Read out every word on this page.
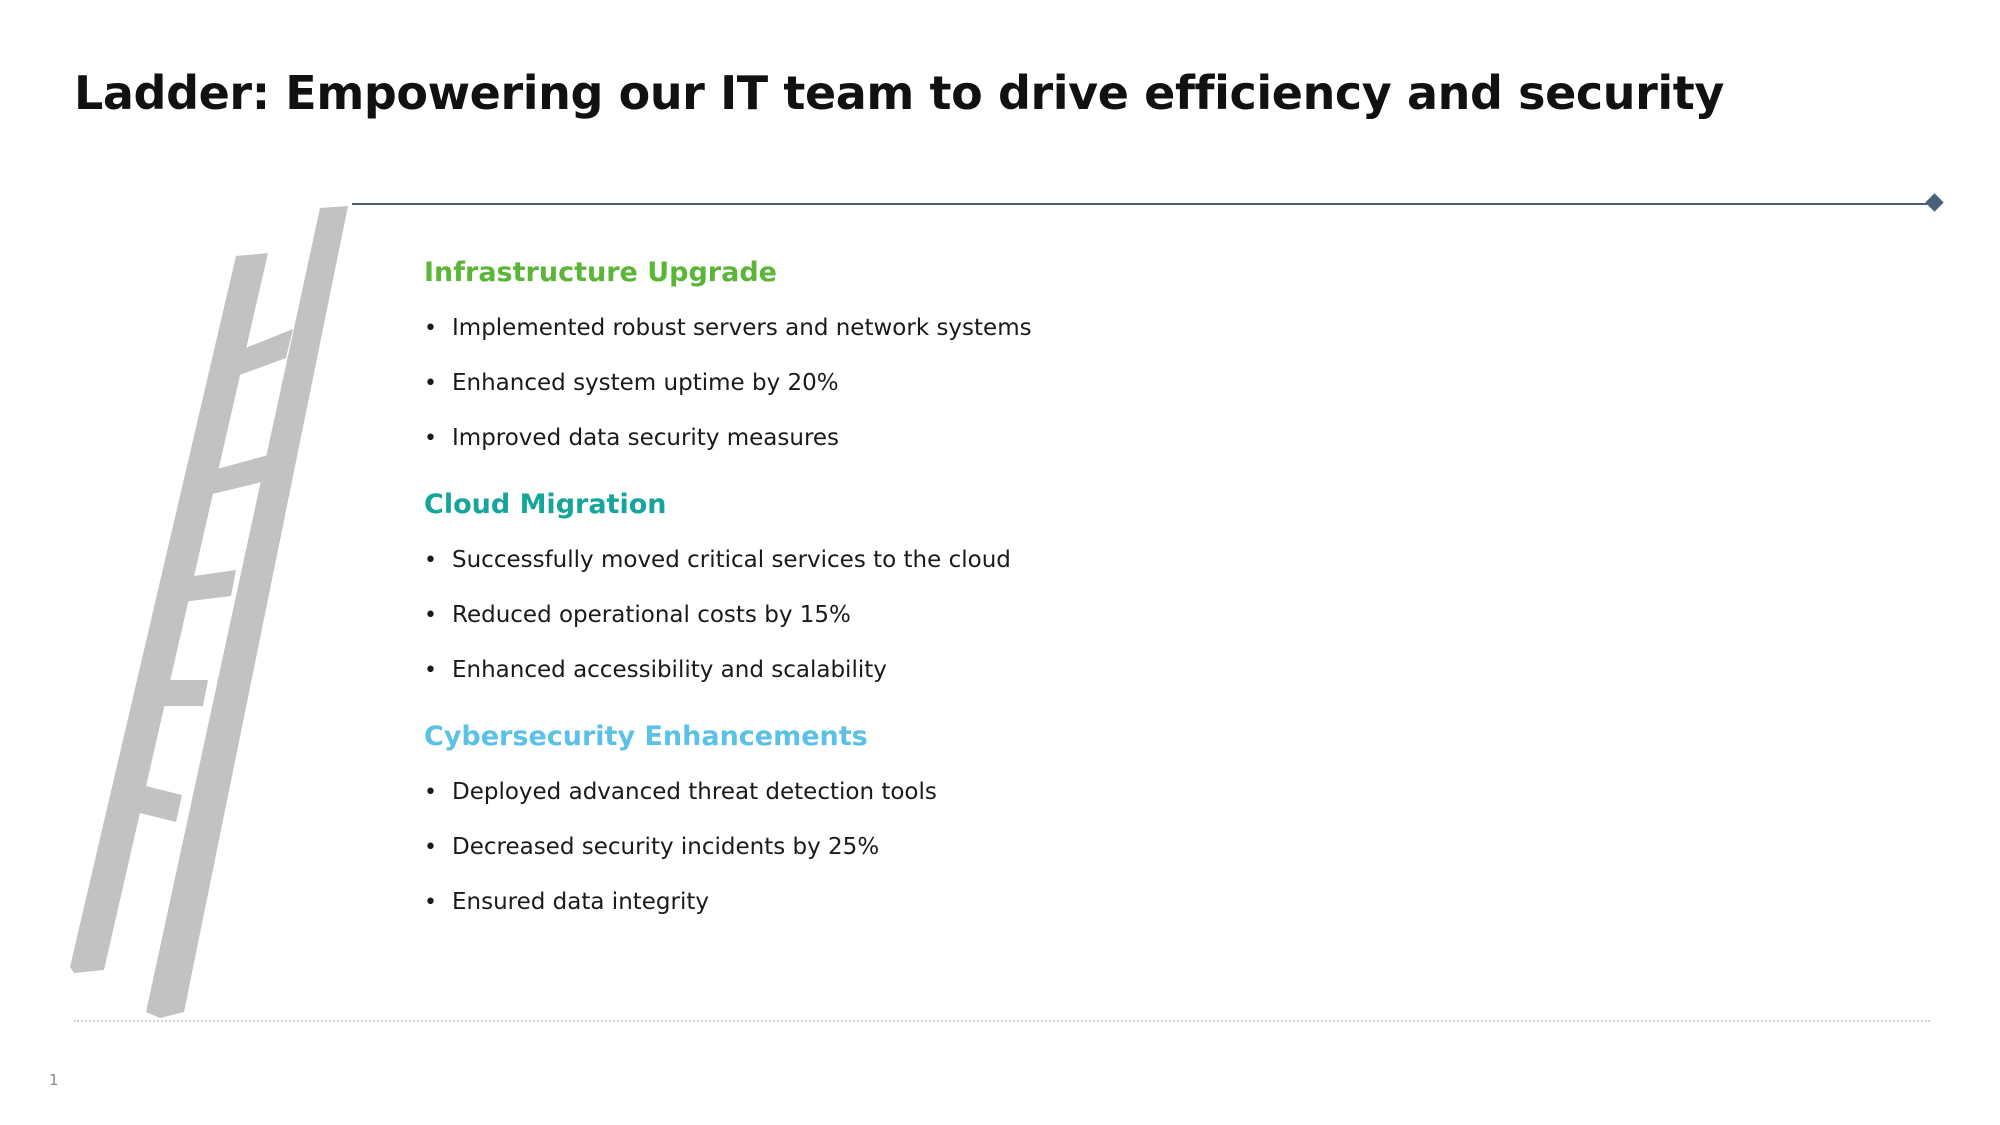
Ladder: Empowering our IT team to drive efficiency and security
Infrastructure Upgrade
• Implemented robust servers and network systems
• Enhanced system uptime by 20%
• Improved data security measures
Cloud Migration
• Successfully moved critical services to the cloud
• Reduced operational costs by 15%
• Enhanced accessibility and scalability
Cybersecurity Enhancements
• Deployed advanced threat detection tools
• Decreased security incidents by 25%
• Ensured data integrity
1
